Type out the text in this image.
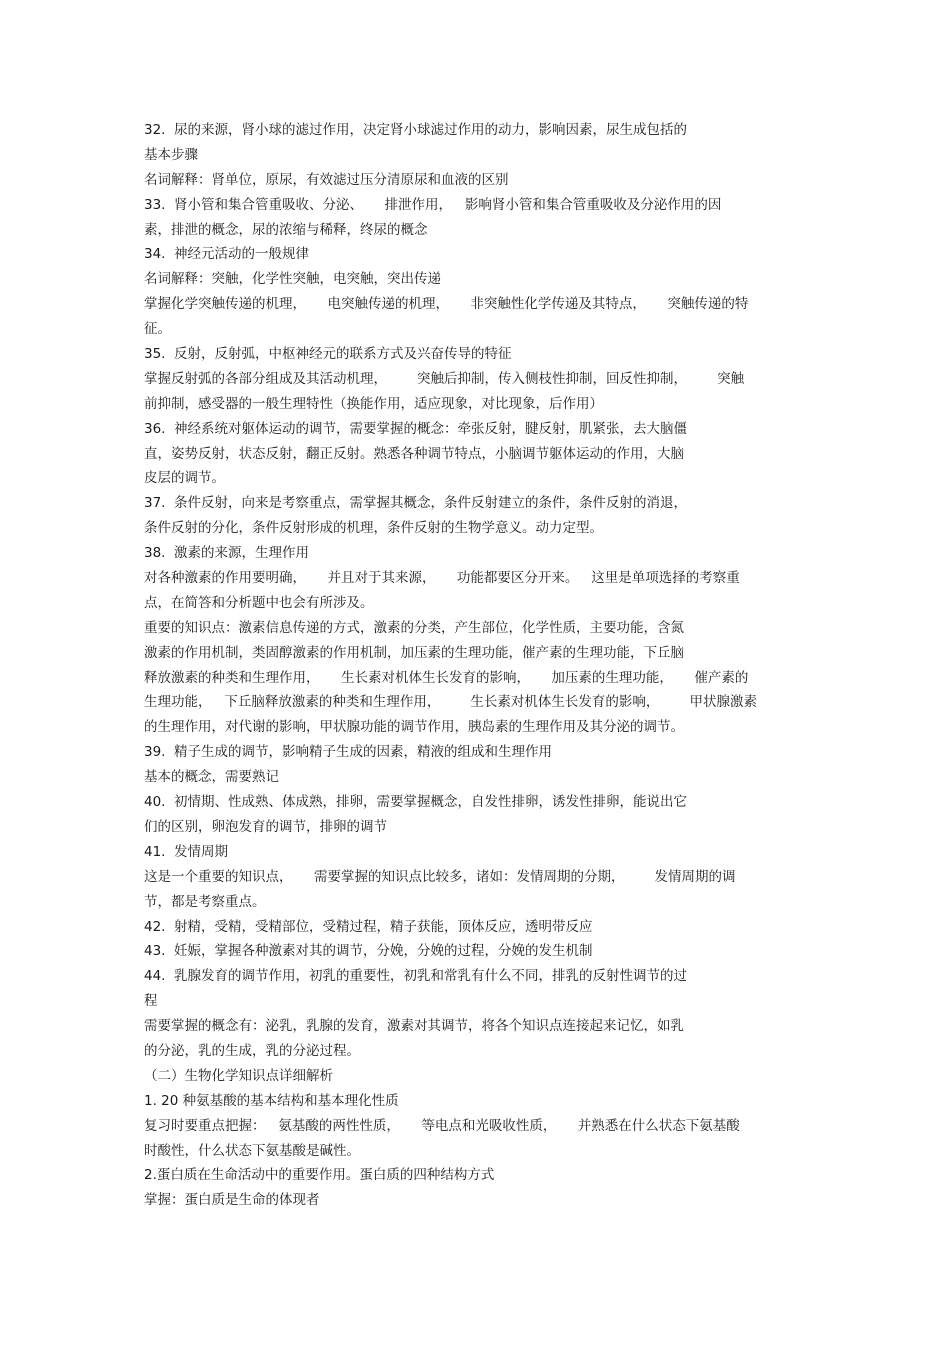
32.  尿的来源，肾小球的滤过作用，决定肾小球滤过作用的动力，影响因素，尿生成包括的
基本步骤
名词解释：肾单位，原尿，有效滤过压分清原尿和血液的区别
33.  肾小管和集合管重吸收、分泌、     排泄作用，   影响肾小管和集合管重吸收及分泌作用的因
素，排泄的概念，尿的浓缩与稀释，终尿的概念
34.  神经元活动的一般规律
名词解释：突触，化学性突触，电突触，突出传递
掌握化学突触传递的机理，     电突触传递的机理，     非突触性化学传递及其特点，     突触传递的特
征。
35.  反射，反射弧，中枢神经元的联系方式及兴奋传导的特征
掌握反射弧的各部分组成及其活动机理，       突触后抑制，传入侧枝性抑制，回反性抑制，       突触
前抑制，感受器的一般生理特性（换能作用，适应现象，对比现象，后作用）
36.  神经系统对躯体运动的调节，需要掌握的概念：牵张反射，腱反射，肌紧张，去大脑僵
直，姿势反射，状态反射，翻正反射。熟悉各种调节特点，小脑调节躯体运动的作用，大脑
皮层的调节。
37.  条件反射，向来是考察重点，需掌握其概念，条件反射建立的条件，条件反射的消退，
条件反射的分化，条件反射形成的机理，条件反射的生物学意义。动力定型。
38.  激素的来源，生理作用
对各种激素的作用要明确，     并且对于其来源，     功能都要区分开来。   这里是单项选择的考察重
点，在简答和分析题中也会有所涉及。
重要的知识点：激素信息传递的方式，激素的分类，产生部位，化学性质，主要功能，含氮
激素的作用机制，类固醇激素的作用机制，加压素的生理功能，催产素的生理功能，下丘脑
释放激素的种类和生理作用，     生长素对机体生长发育的影响，     加压素的生理功能，     催产素的
生理功能，   下丘脑释放激素的种类和生理作用，       生长素对机体生长发育的影响，       甲状腺激素
的生理作用，对代谢的影响，甲状腺功能的调节作用，胰岛素的生理作用及其分泌的调节。
39.  精子生成的调节，影响精子生成的因素，精液的组成和生理作用
基本的概念，需要熟记
40.  初情期、性成熟、体成熟，排卵，需要掌握概念，自发性排卵，诱发性排卵，能说出它
们的区别，卵泡发育的调节，排卵的调节
41.  发情周期
这是一个重要的知识点，     需要掌握的知识点比较多，诸如：发情周期的分期，       发情周期的调
节，都是考察重点。
42.  射精，受精，受精部位，受精过程，精子获能，顶体反应，透明带反应
43.  妊娠，掌握各种激素对其的调节，分娩，分娩的过程，分娩的发生机制
44.  乳腺发育的调节作用，初乳的重要性，初乳和常乳有什么不同，排乳的反射性调节的过
程
需要掌握的概念有：泌乳，乳腺的发育，激素对其调节，将各个知识点连接起来记忆，如乳
的分泌，乳的生成，乳的分泌过程。
（二）生物化学知识点详细解析
1. 20 种氨基酸的基本结构和基本理化性质
复习时要重点把握：   氨基酸的两性性质，     等电点和光吸收性质，     并熟悉在什么状态下氨基酸
时酸性，什么状态下氨基酸是碱性。
2.蛋白质在生命活动中的重要作用。蛋白质的四种结构方式
掌握：蛋白质是生命的体现者
